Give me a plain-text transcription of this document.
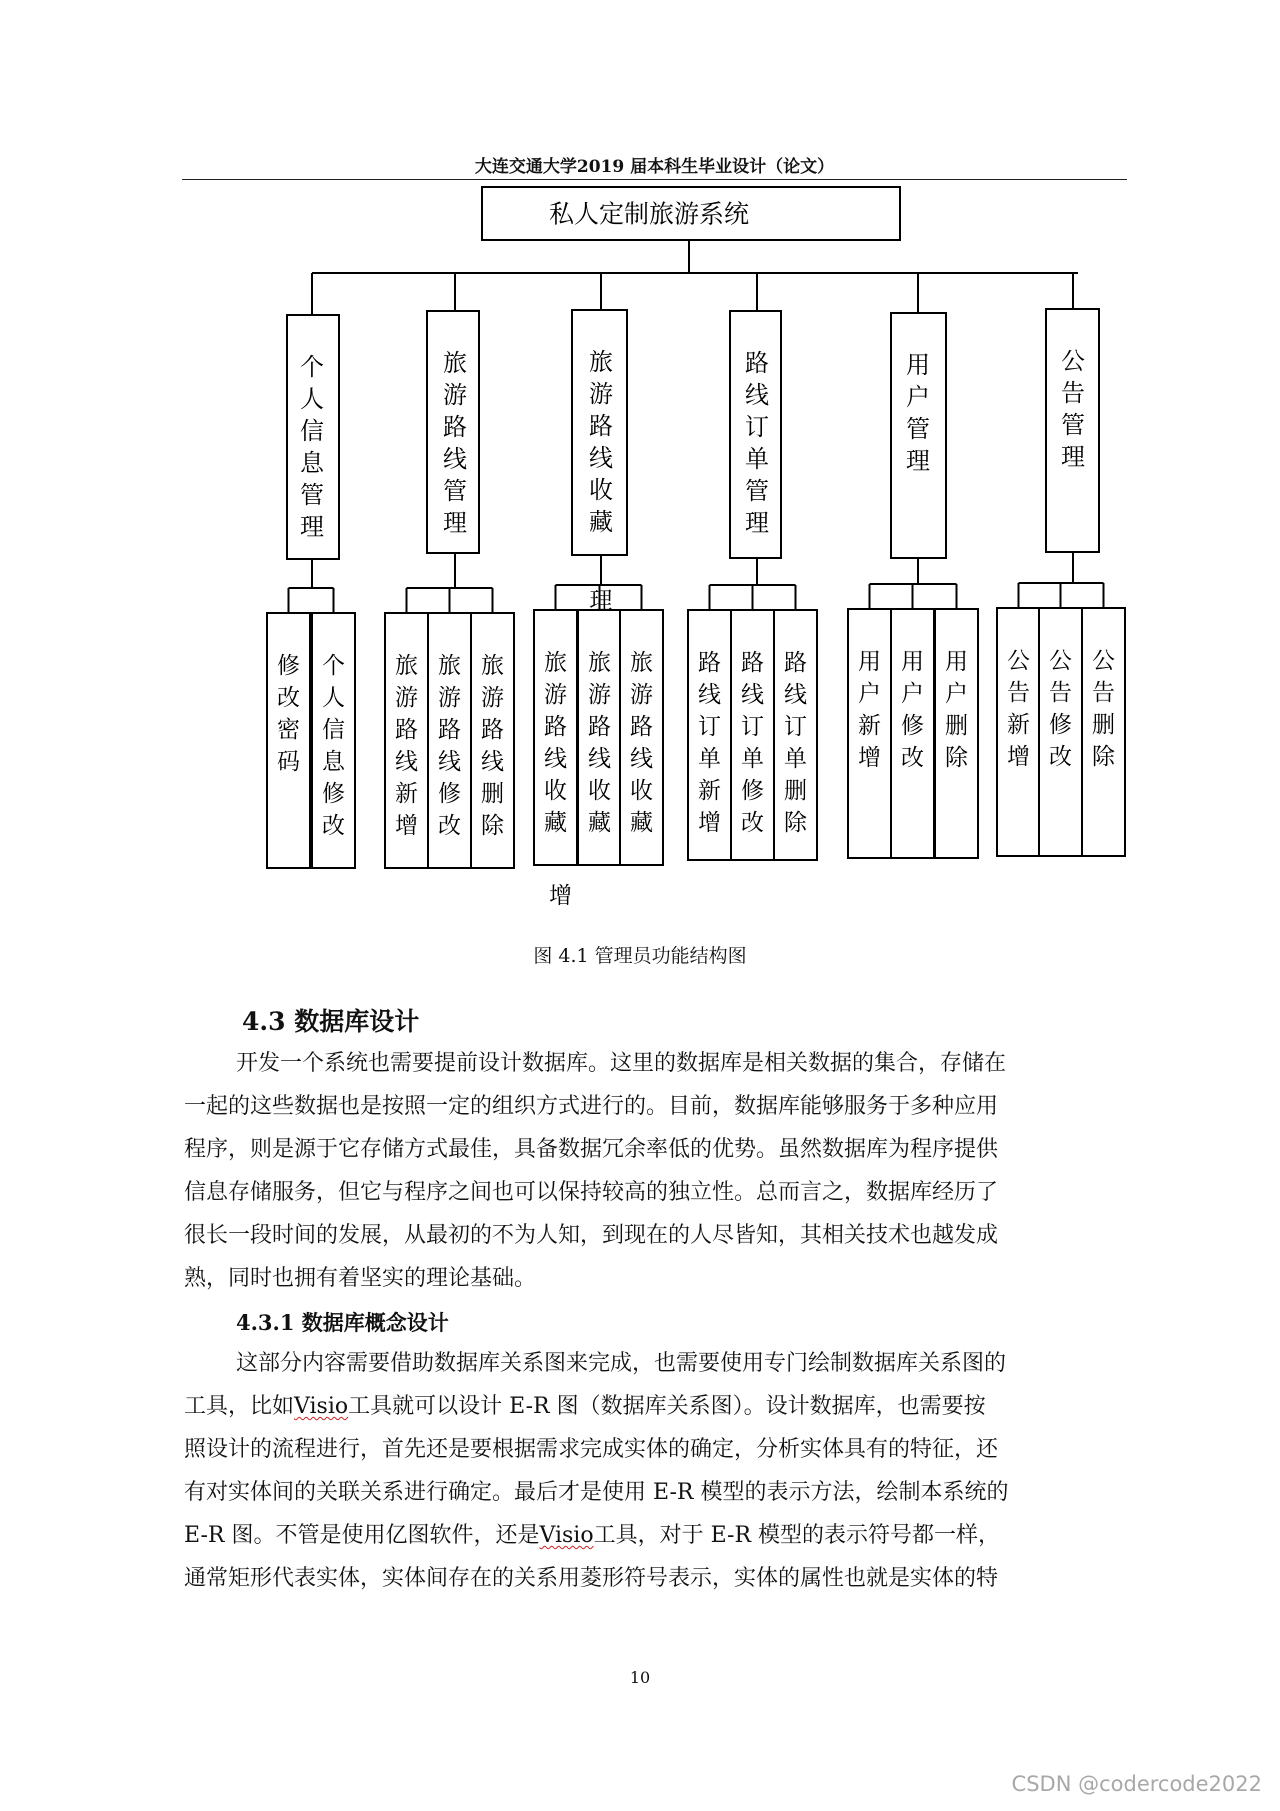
大连交通大学2019 届本科生毕业设计（论文）
私人定制旅游系统
个
人
信
息
管
理
修
改
密
码
个
人
信
息
修
改
旅
游
路
线
管
理
旅
游
路
线
新
增
旅
游
路
线
修
改
旅
游
路
线
删
除
旅
游
路
线
收
藏
旅
游
路
线
收
藏
旅
游
路
线
收
藏
旅
游
路
线
收
藏
理
增
路
线
订
单
管
理
路
线
订
单
新
增
路
线
订
单
修
改
路
线
订
单
删
除
用
户
管
理
用
户
新
增
用
户
修
改
用
户
删
除
公
告
管
理
公
告
新
增
公
告
修
改
公
告
删
除
图 4.1 管理员功能结构图
4.3 数据库设计
开发一个系统也需要提前设计数据库。这里的数据库是相关数据的集合，存储在
一起的这些数据也是按照一定的组织方式进行的。目前，数据库能够服务于多种应用
程序，则是源于它存储方式最佳，具备数据冗余率低的优势。虽然数据库为程序提供
信息存储服务，但它与程序之间也可以保持较高的独立性。总而言之，数据库经历了
很长一段时间的发展，从最初的不为人知，到现在的人尽皆知，其相关技术也越发成
熟，同时也拥有着坚实的理论基础。
4.3.1 数据库概念设计
这部分内容需要借助数据库关系图来完成，也需要使用专门绘制数据库关系图的
工具，比如Visio工具就可以设计 E-R 图（数据库关系图）。设计数据库，也需要按
照设计的流程进行，首先还是要根据需求完成实体的确定，分析实体具有的特征，还
有对实体间的关联关系进行确定。最后才是使用 E-R 模型的表示方法，绘制本系统的
E-R 图。不管是使用亿图软件，还是Visio工具，对于 E-R 模型的表示符号都一样，
通常矩形代表实体，实体间存在的关系用菱形符号表示，实体的属性也就是实体的特
10
CSDN @codercode2022
